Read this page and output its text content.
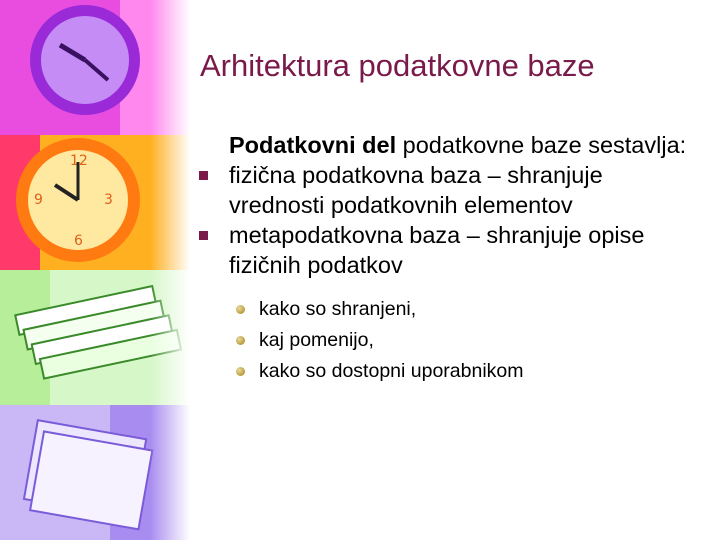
12
3
6
9
Arhitektura podatkovne baze
Podatkovni del podatkovne baze sestavlja:
fizična podatkovna baza – shranjuje vrednosti podatkovnih elementov
metapodatkovna baza – shranjuje opise fizičnih podatkov
kako so shranjeni,
kaj pomenijo,
kako so dostopni uporabnikom
